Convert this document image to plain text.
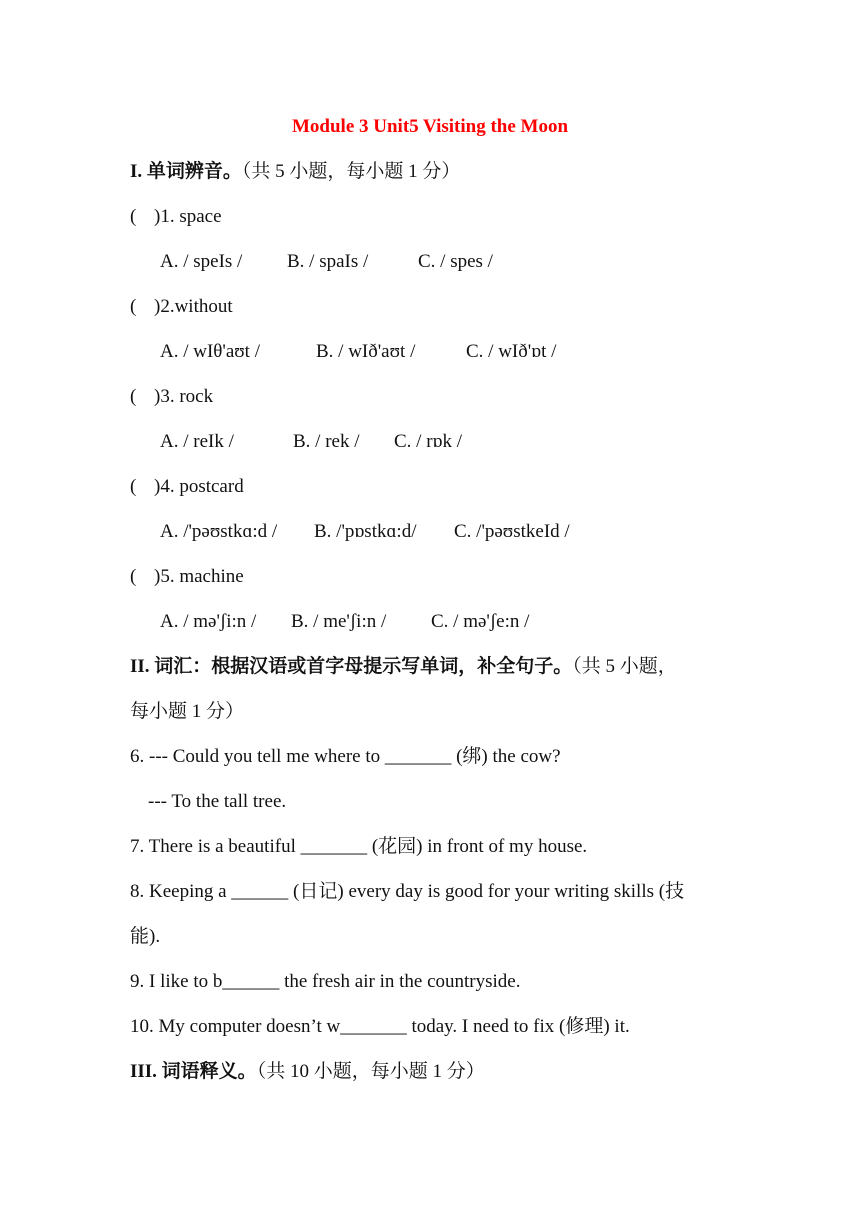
Module 3 Unit5 Visiting the Moon
I. 单词辨音。（共 5 小题，每小题 1 分）
( )1. space
A. / speIs / B. / spaIs /	C. / spes /
( )2.without
A. / wIθ'aʊt /	B. / wIð'aʊt /	C. / wIð'ɒt /
( )3. rock
A. / reIk /	B. / rek / C. / rɒk /
( )4. postcard
A. /'pəʊstkɑ:d / B. /'pɒstkɑ:d/ C. /'pəʊstkeId /
( )5. machine
A. / mə'ʃi:n / B. / me'ʃi:n / C. / mə'ʃe:n /
II. 词汇：根据汉语或首字母提示写单词，补全句子。（共 5 小题，
每小题 1 分）
6. --- Could you tell me where to _______ (绑) the cow?
--- To the tall tree.
7. There is a beautiful _______ (花园) in front of my house.
8. Keeping a ______ (日记) every day is good for your writing skills (技
能).
9. I like to b______ the fresh air in the countryside.
10. My computer doesn’t w_______ today. I need to fix (修理) it.
III. 词语释义。（共 10 小题，每小题 1 分）
